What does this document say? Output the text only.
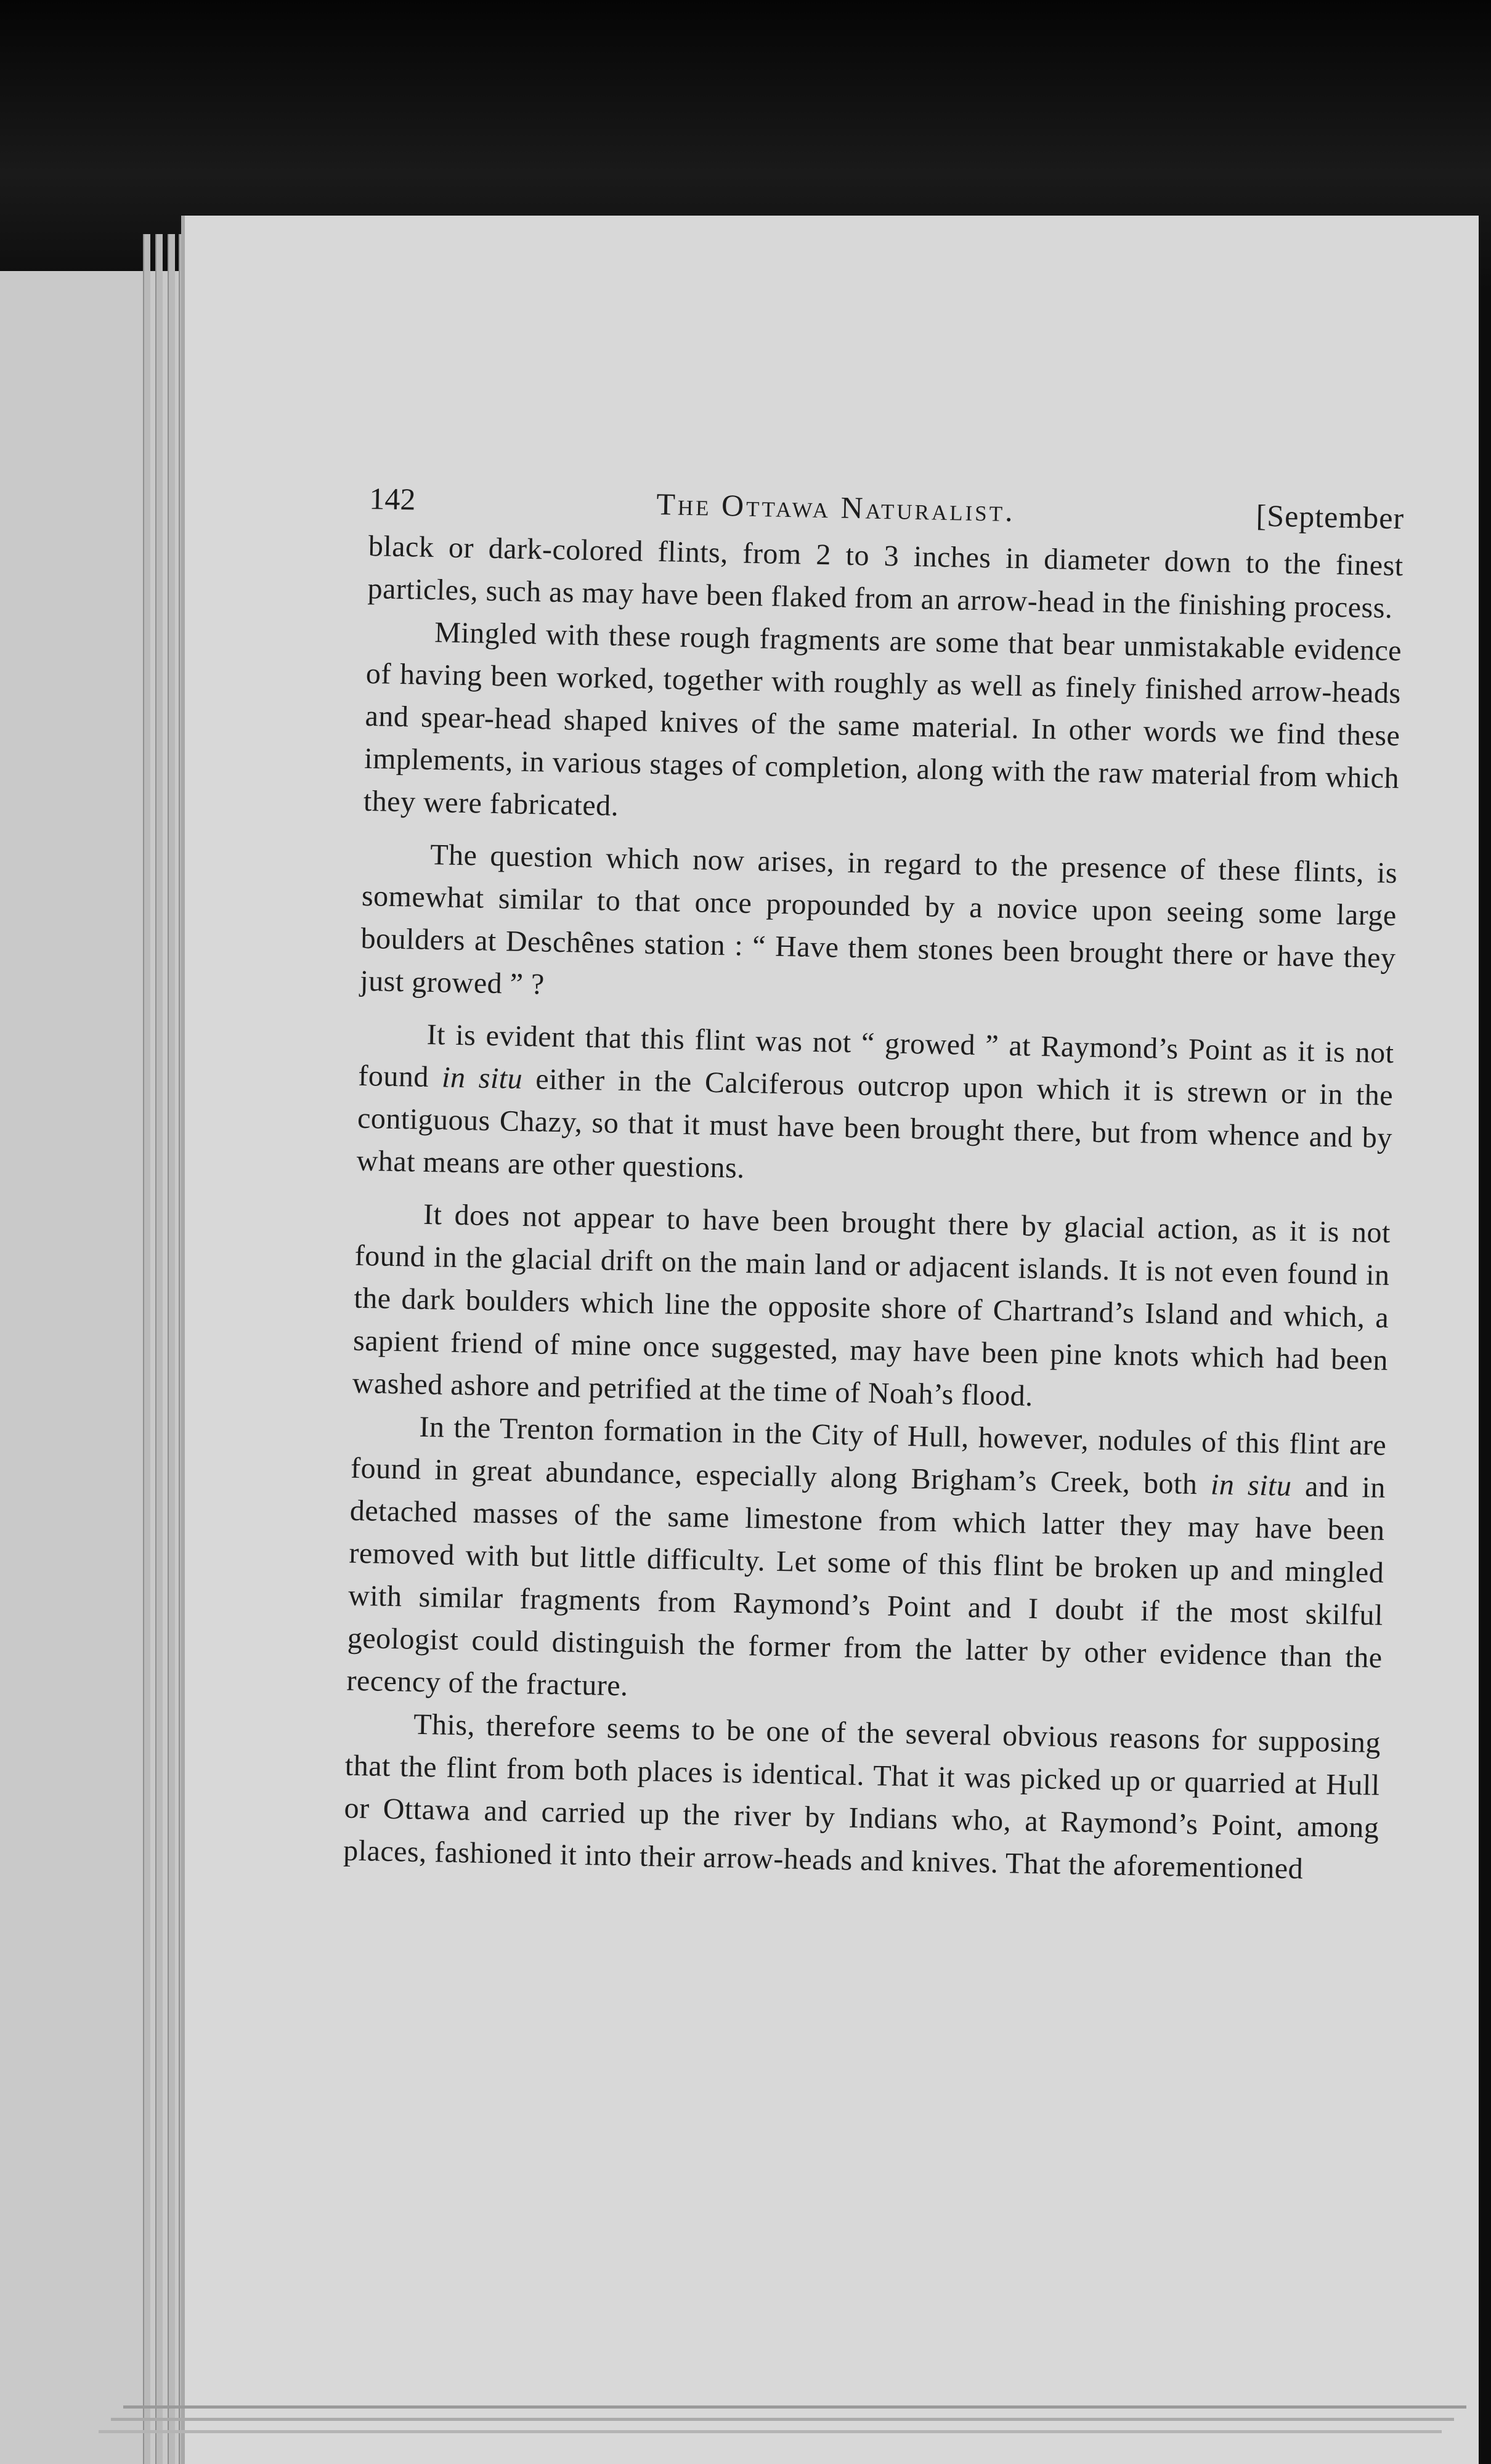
142	The Ottawa Naturalist.	[September

black or dark-colored flints, from 2 to 3 inches in diameter down to the finest particles, such as may have been flaked from an arrow-head in the finishing process.

Mingled with these rough fragments are some that bear unmistakable evidence of having been worked, together with roughly as well as finely finished arrow-heads and spear-head shaped knives of the same material. In other words we find these implements, in various stages of completion, along with the raw material from which they were fabricated.

The question which now arises, in regard to the presence of these flints, is somewhat similar to that once propounded by a novice upon seeing some large boulders at Deschênes station : “ Have them stones been brought there or have they just growed ” ?

It is evident that this flint was not “ growed ” at Raymond’s Point as it is not found in situ either in the Calciferous outcrop upon which it is strewn or in the contiguous Chazy, so that it must have been brought there, but from whence and by what means are other questions.

It does not appear to have been brought there by glacial action, as it is not found in the glacial drift on the main land or adjacent islands. It is not even found in the dark boulders which line the opposite shore of Chartrand’s Island and which, a sapient friend of mine once suggested, may have been pine knots which had been washed ashore and petrified at the time of Noah’s flood.

In the Trenton formation in the City of Hull, however, nodules of this flint are found in great abundance, especially along Brigham’s Creek, both in situ and in detached masses of the same limestone from which latter they may have been removed with but little difficulty. Let some of this flint be broken up and mingled with similar fragments from Raymond’s Point and I doubt if the most skilful geologist could distinguish the former from the latter by other evidence than the recency of the fracture.

This, therefore seems to be one of the several obvious reasons for supposing that the flint from both places is identical. That it was picked up or quarried at Hull or Ottawa and carried up the river by Indians who, at Raymond’s Point, among places, fashioned it into their arrow-heads and knives. That the aforementioned
